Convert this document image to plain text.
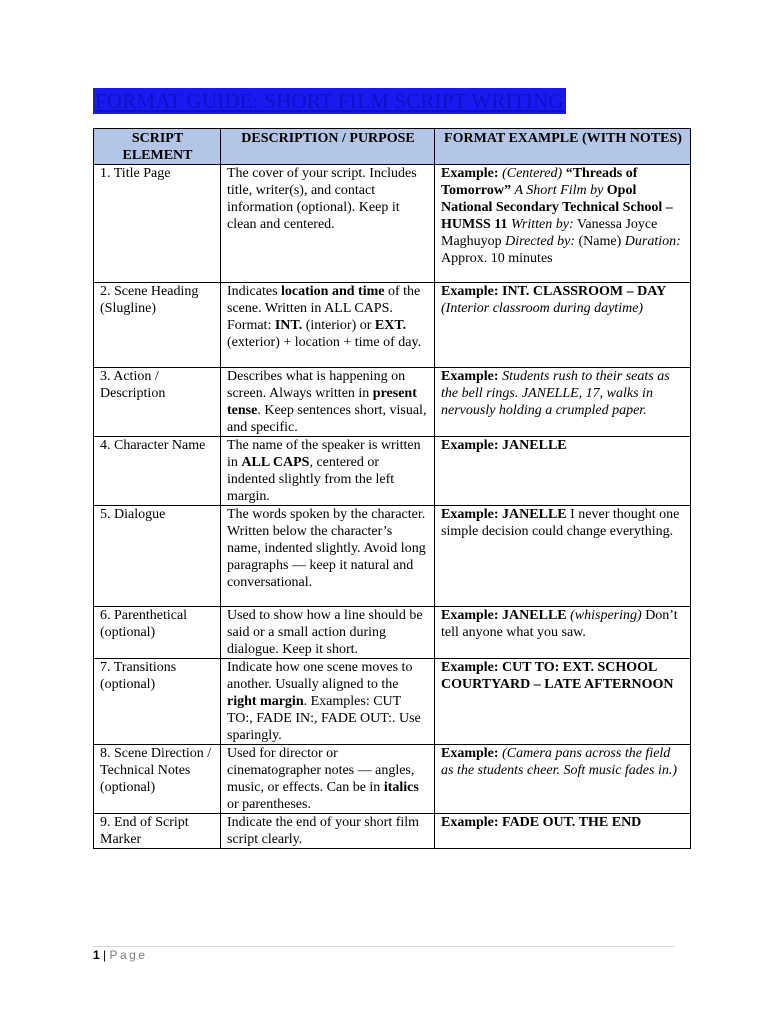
FORMAT GUIDE: SHORT FILM SCRIPT WRITING
SCRIPT ELEMENT	DESCRIPTION / PURPOSE	FORMAT EXAMPLE (WITH NOTES)
1. Title Page	The cover of your script. Includes title, writer(s), and contact information (optional). Keep it clean and centered.	Example: (Centered) “Threads of Tomorrow” A Short Film by Opol National Secondary Technical School – HUMSS 11 Written by: Vanessa Joyce Maghuyop Directed by: (Name) Duration: Approx. 10 minutes
2. Scene Heading (Slugline)	Indicates location and time of the scene. Written in ALL CAPS. Format: INT. (interior) or EXT. (exterior) + location + time of day.	Example: INT. CLASSROOM – DAY (Interior classroom during daytime)
3. Action / Description	Describes what is happening on screen. Always written in present tense. Keep sentences short, visual, and specific.	Example: Students rush to their seats as the bell rings. JANELLE, 17, walks in nervously holding a crumpled paper.
4. Character Name	The name of the speaker is written in ALL CAPS, centered or indented slightly from the left margin.	Example: JANELLE
5. Dialogue	The words spoken by the character. Written below the character’s name, indented slightly. Avoid long paragraphs — keep it natural and conversational.	Example: JANELLE I never thought one simple decision could change everything.
6. Parenthetical (optional)	Used to show how a line should be said or a small action during dialogue. Keep it short.	Example: JANELLE (whispering) Don’t tell anyone what you saw.
7. Transitions (optional)	Indicate how one scene moves to another. Usually aligned to the right margin. Examples: CUT TO:, FADE IN:, FADE OUT:. Use sparingly.	Example: CUT TO: EXT. SCHOOL COURTYARD – LATE AFTERNOON
8. Scene Direction / Technical Notes (optional)	Used for director or cinematographer notes — angles, music, or effects. Can be in italics or parentheses.	Example: (Camera pans across the field as the students cheer. Soft music fades in.)
9. End of Script Marker	Indicate the end of your short film script clearly.	Example: FADE OUT. THE END
1 | Page
